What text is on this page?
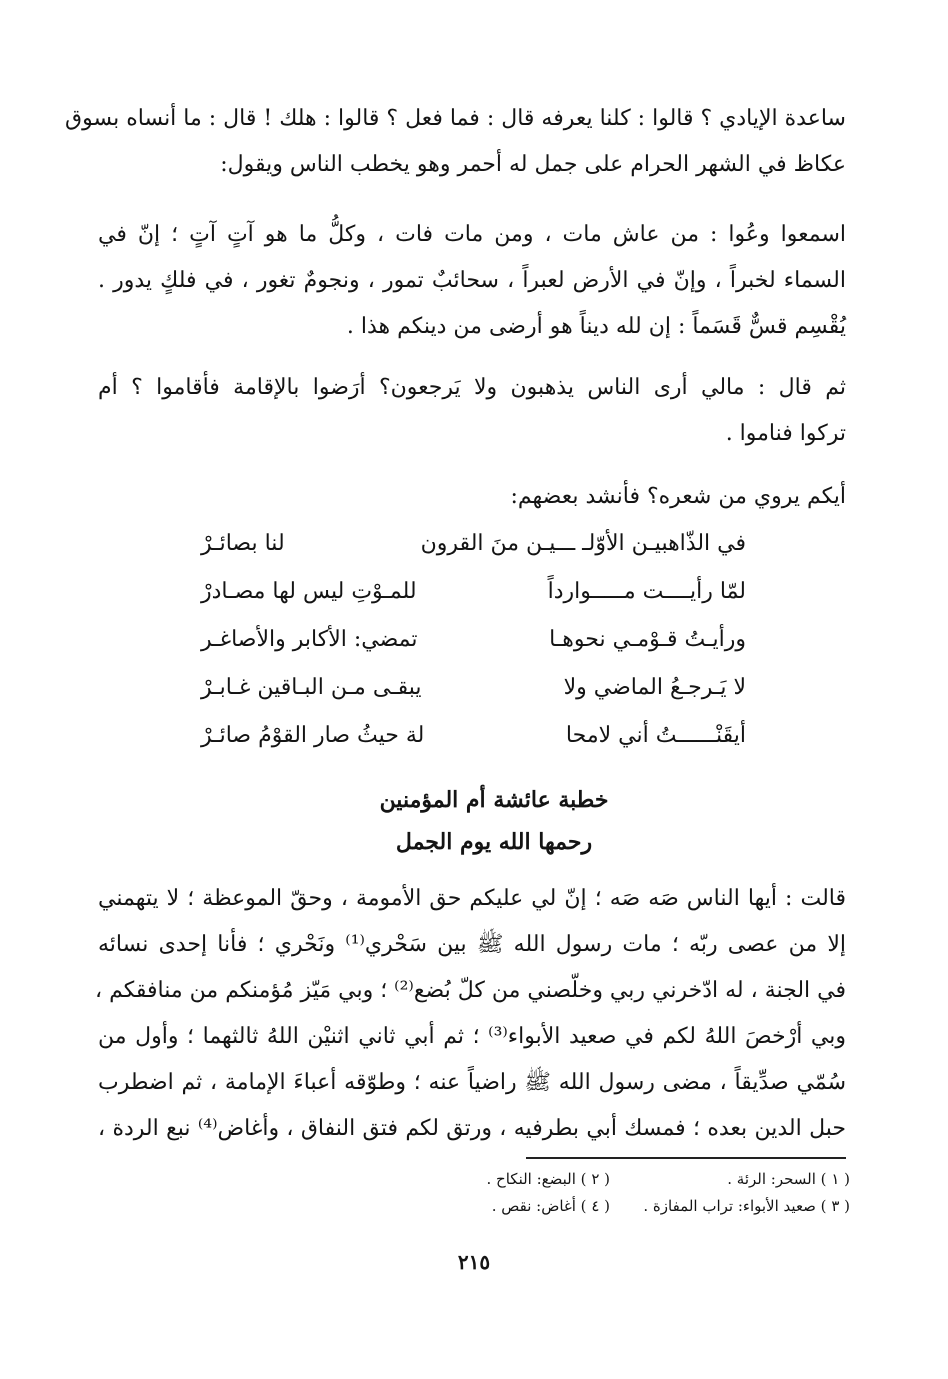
ساعدة الإيادي ؟ قالوا : كلنا يعرفه قال : فما فعل ؟ قالوا : هلك ! قال : ما أنساه بسوق
عكاظ في الشهر الحرام على جمل له أحمر وهو يخطب الناس ويقول:
اسمعوا وعُوا : من عاش مات ، ومن مات فات ، وكلُّ ما هو آتٍ آتٍ ؛ إنّ في
السماء لخبراً ، وإنّ في الأرض لعبراً ، سحائبٌ تمور ، ونجومٌ تغور ، في فلكٍ يدور .
يُقْسِم قسٌّ قَسَماً : إن لله ديناً هو أرضى من دينكم هذا .
ثم قال : مالي أرى الناس يذهبون ولا يَرجعون؟ أرَضوا بالإقامة فأقاموا ؟ أم
تركوا فناموا .
أيكم يروي من شعره؟ فأنشد بعضهم:
في الذّاهبيـن الأوّلـ ـــيـن منَ القرون
لنا بصائـرْ
لمّا رأيــــت مـــــوارداً
للمـوْتِ ليس لها مصـادرْ
ورأيـتُ قـوْمـي نحوهـا
تمضي: الأكابر والأصاغـر
لا يَـرجـعُ الماضي ولا
يبقـى مـن البـاقين غـابـرْ
أيقَنْــــــتُ أني لامحا
لة حيثُ صار القوْمُ صائـرْ
خطبة عائشة أم المؤمنين
رحمها الله يوم الجمل
قالت : أيها الناس صَه صَه ؛ إنّ لي عليكم حق الأمومة ، وحقّ الموعظة ؛ لا يتهمني
إلا من عصى ربّه ؛ مات رسول الله ﷺ بين سَحْري⁽¹⁾ ونَحْري ؛ فأنا إحدى نسائه
في الجنة ، له ادّخرني ربي وخلّصني من كلّ بُضع⁽²⁾ ؛ وبي مَيّز مُؤمنكم من منافقكم ،
وبي أرْخصَ اللهُ لكم في صعيد الأبواء⁽³⁾ ؛ ثم أبي ثاني اثنيْن اللهُ ثالثهما ؛ وأول من
سُمّي صدِّيقاً ، مضى رسول الله ﷺ راضياً عنه ؛ وطوّقه أعباءَ الإمامة ، ثم اضطرب
حبل الدين بعده ؛ فمسك أبي بطرفيه ، ورتق لكم فتق النفاق ، وأغاض⁽⁴⁾ نبع الردة ،
( ١ ) السحر: الرئة .
( ٢ ) البضع: النكاح .
( ٣ ) صعيد الأبواء: تراب المفازة .
( ٤ ) أغاض: نقص .
٢١٥
